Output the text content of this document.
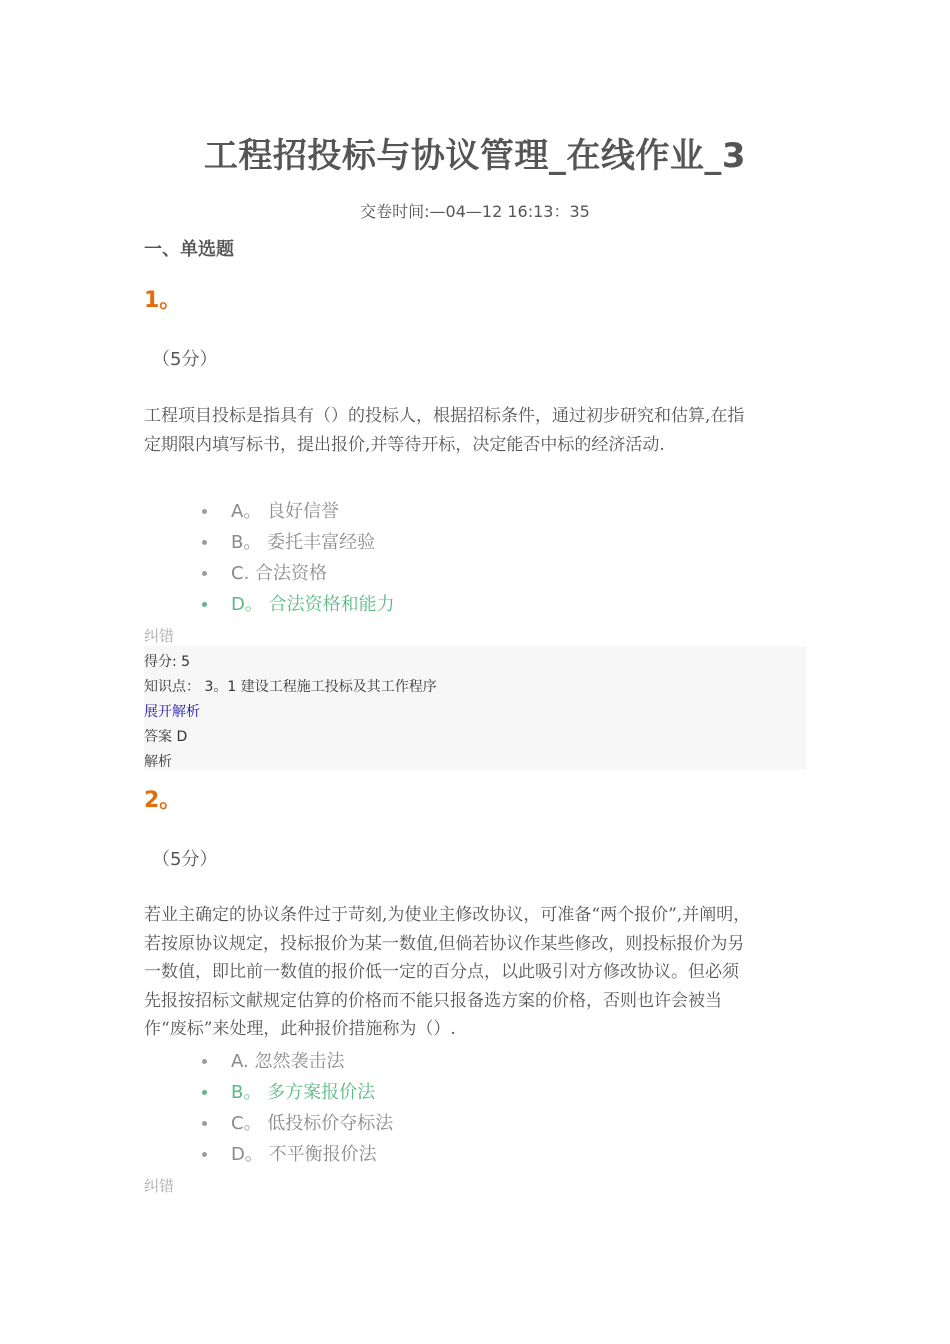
工程招投标与协议管理_在线作业_3
交卷时间:—04—12 16:13：35
一、单选题
1。
（5分）
工程项目投标是指具有（）的投标人，根据招标条件，通过初步研究和估算,在指定期限内填写标书，提出报价,并等待开标，决定能否中标的经济活动.
A。 良好信誉
B。 委托丰富经验
C. 合法资格
D。 合法资格和能力
纠错
得分: 5
知识点： 3。1 建设工程施工投标及其工作程序
展开解析
答案 D
解析
2。
（5分）
若业主确定的协议条件过于苛刻,为使业主修改协议，可准备“两个报价”,并阐明，若按原协议规定，投标报价为某一数值,但倘若协议作某些修改，则投标报价为另一数值，即比前一数值的报价低一定的百分点，以此吸引对方修改协议。但必须先报按招标文献规定估算的价格而不能只报备选方案的价格，否则也许会被当作“废标”来处理，此种报价措施称为（）.
A. 忽然袭击法
B。 多方案报价法
C。 低投标价夺标法
D。 不平衡报价法
纠错
